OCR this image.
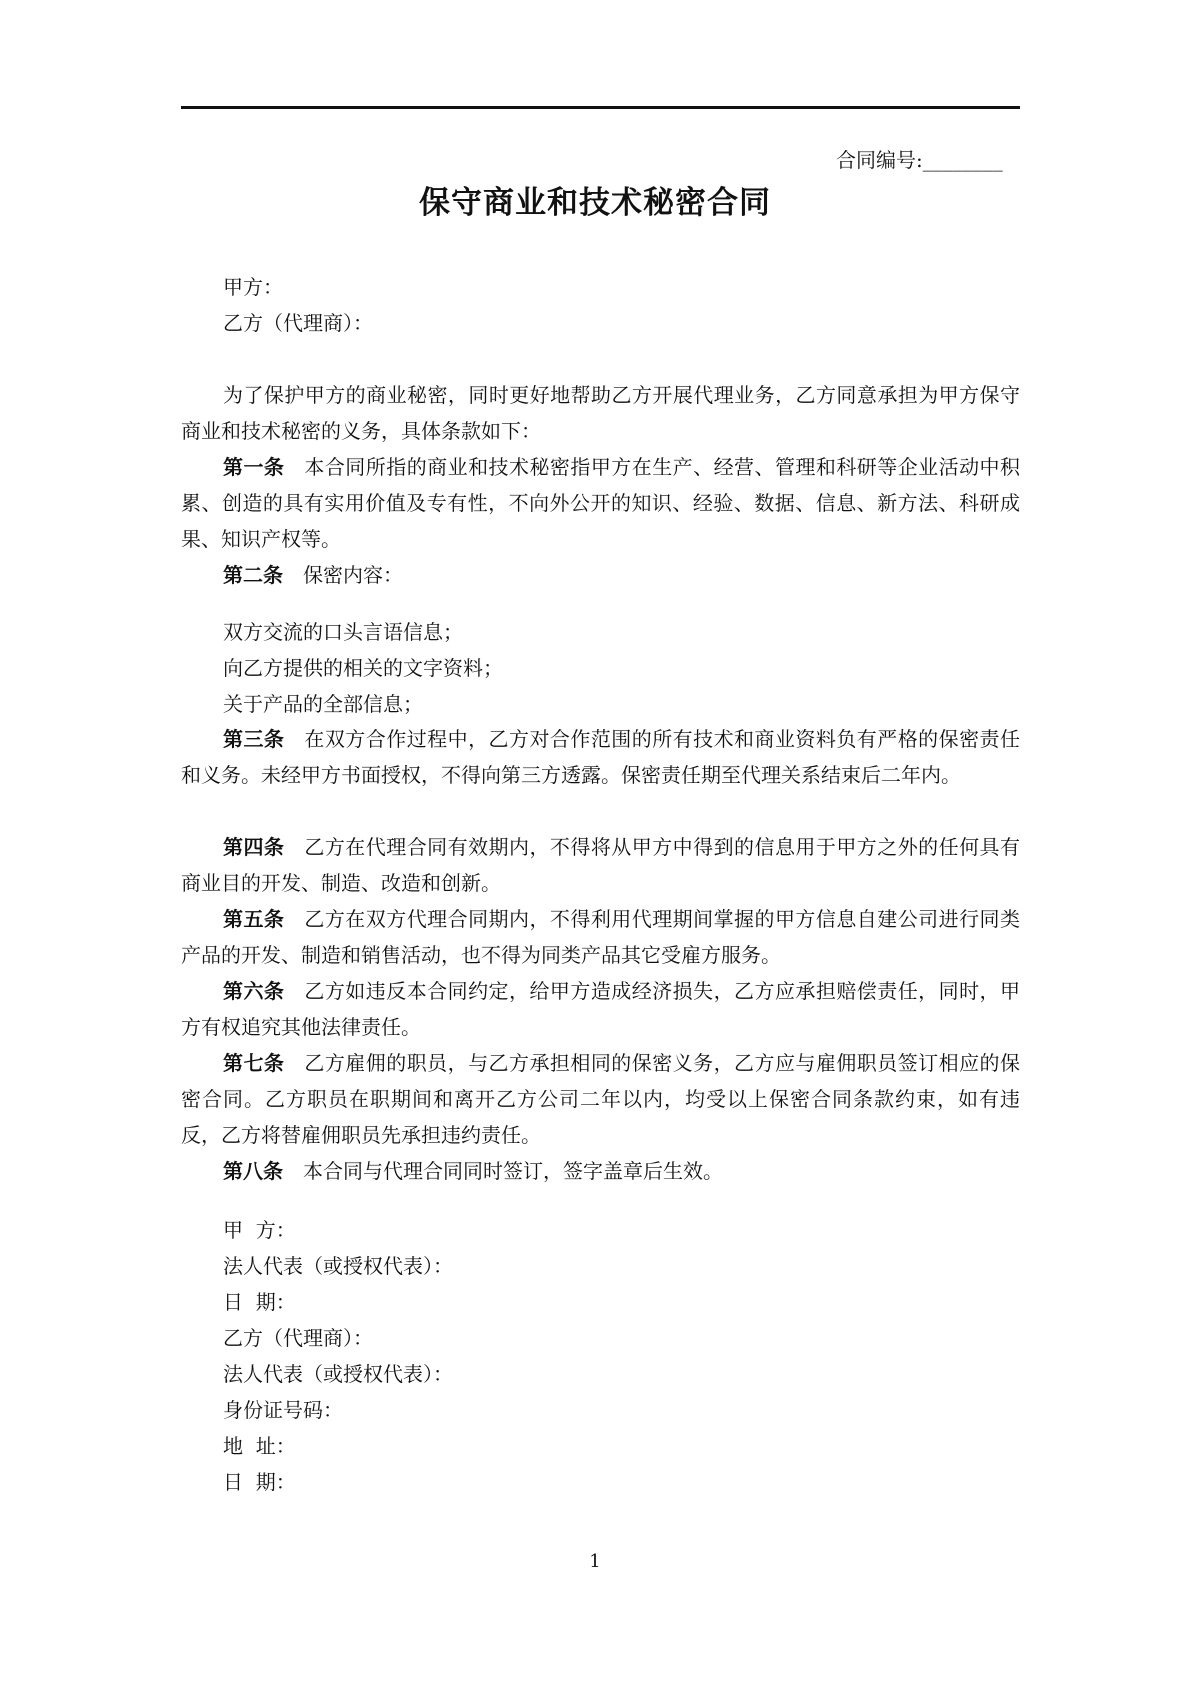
合同编号:________
保守商业和技术秘密合同
甲方：
乙方（代理商）：
为了保护甲方的商业秘密，同时更好地帮助乙方开展代理业务，乙方同意承担为甲方保守商业和技术秘密的义务，具体条款如下：
第一条 本合同所指的商业和技术秘密指甲方在生产、经营、管理和科研等企业活动中积累、创造的具有实用价值及专有性，不向外公开的知识、经验、数据、信息、新方法、科研成果、知识产权等。
第二条 保密内容：
双方交流的口头言语信息；
向乙方提供的相关的文字资料；
关于产品的全部信息；
第三条 在双方合作过程中，乙方对合作范围的所有技术和商业资料负有严格的保密责任和义务。未经甲方书面授权，不得向第三方透露。保密责任期至代理关系结束后二年内。
第四条 乙方在代理合同有效期内，不得将从甲方中得到的信息用于甲方之外的任何具有商业目的开发、制造、改造和创新。
第五条 乙方在双方代理合同期内，不得利用代理期间掌握的甲方信息自建公司进行同类产品的开发、制造和销售活动，也不得为同类产品其它受雇方服务。
第六条 乙方如违反本合同约定，给甲方造成经济损失，乙方应承担赔偿责任，同时，甲方有权追究其他法律责任。
第七条 乙方雇佣的职员，与乙方承担相同的保密义务，乙方应与雇佣职员签订相应的保密合同。乙方职员在职期间和离开乙方公司二年以内，均受以上保密合同条款约束，如有违反，乙方将替雇佣职员先承担违约责任。
第八条 本合同与代理合同同时签订，签字盖章后生效。
甲  方：
法人代表（或授权代表）：
日  期：
乙方（代理商）：
法人代表（或授权代表）：
身份证号码：
地  址：
日  期：
1
